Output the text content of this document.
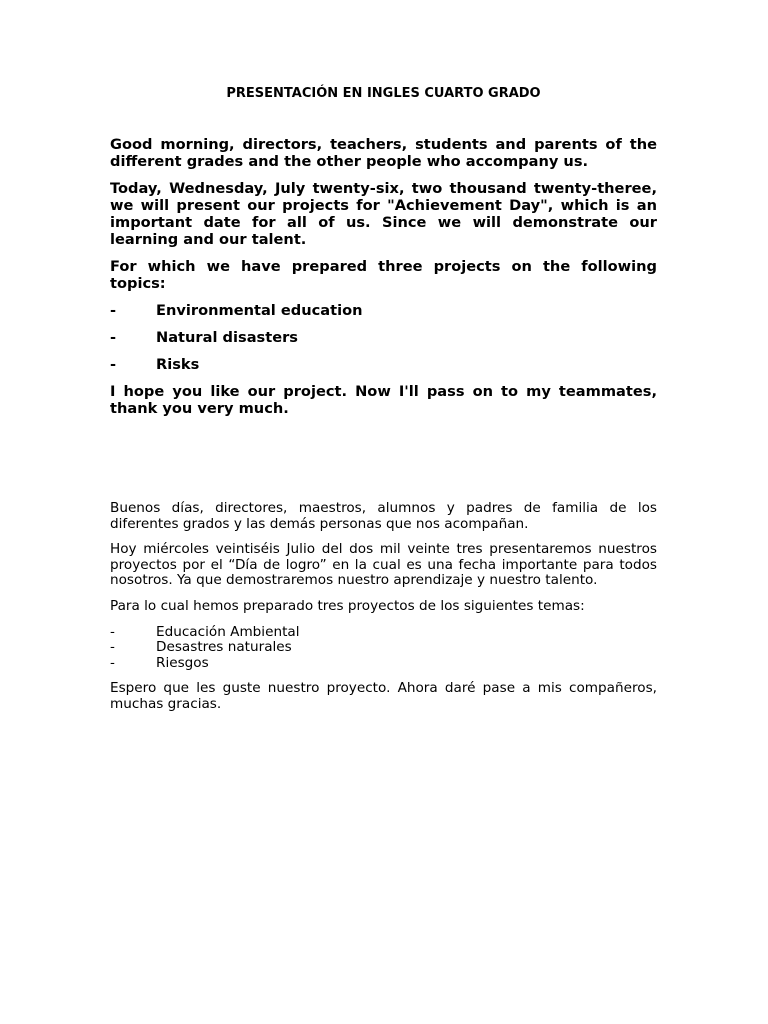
PRESENTACIÓN EN INGLES CUARTO GRADO

Good morning, directors, teachers, students and parents of the different grades and the other people who accompany us.

Today, Wednesday, July twenty-six, two thousand twenty-theree, we will present our projects for "Achievement Day", which is an important date for all of us. Since we will demonstrate our learning and our talent.

For which we have prepared three projects on the following topics:

-	Environmental education
-	Natural disasters
-	Risks

I hope you like our project. Now I'll pass on to my teammates, thank you very much.

Buenos días, directores, maestros, alumnos y padres de familia de los diferentes grados y las demás personas que nos acompañan.

Hoy miércoles veintiséis Julio del dos mil veinte tres presentaremos nuestros proyectos por el “Día de logro” en la cual es una fecha importante para todos nosotros. Ya que demostraremos nuestro aprendizaje y nuestro talento.

Para lo cual hemos preparado tres proyectos de los siguientes temas:

-	Educación Ambiental
-	Desastres naturales
-	Riesgos

Espero que les guste nuestro proyecto. Ahora daré pase a mis compañeros, muchas gracias.
